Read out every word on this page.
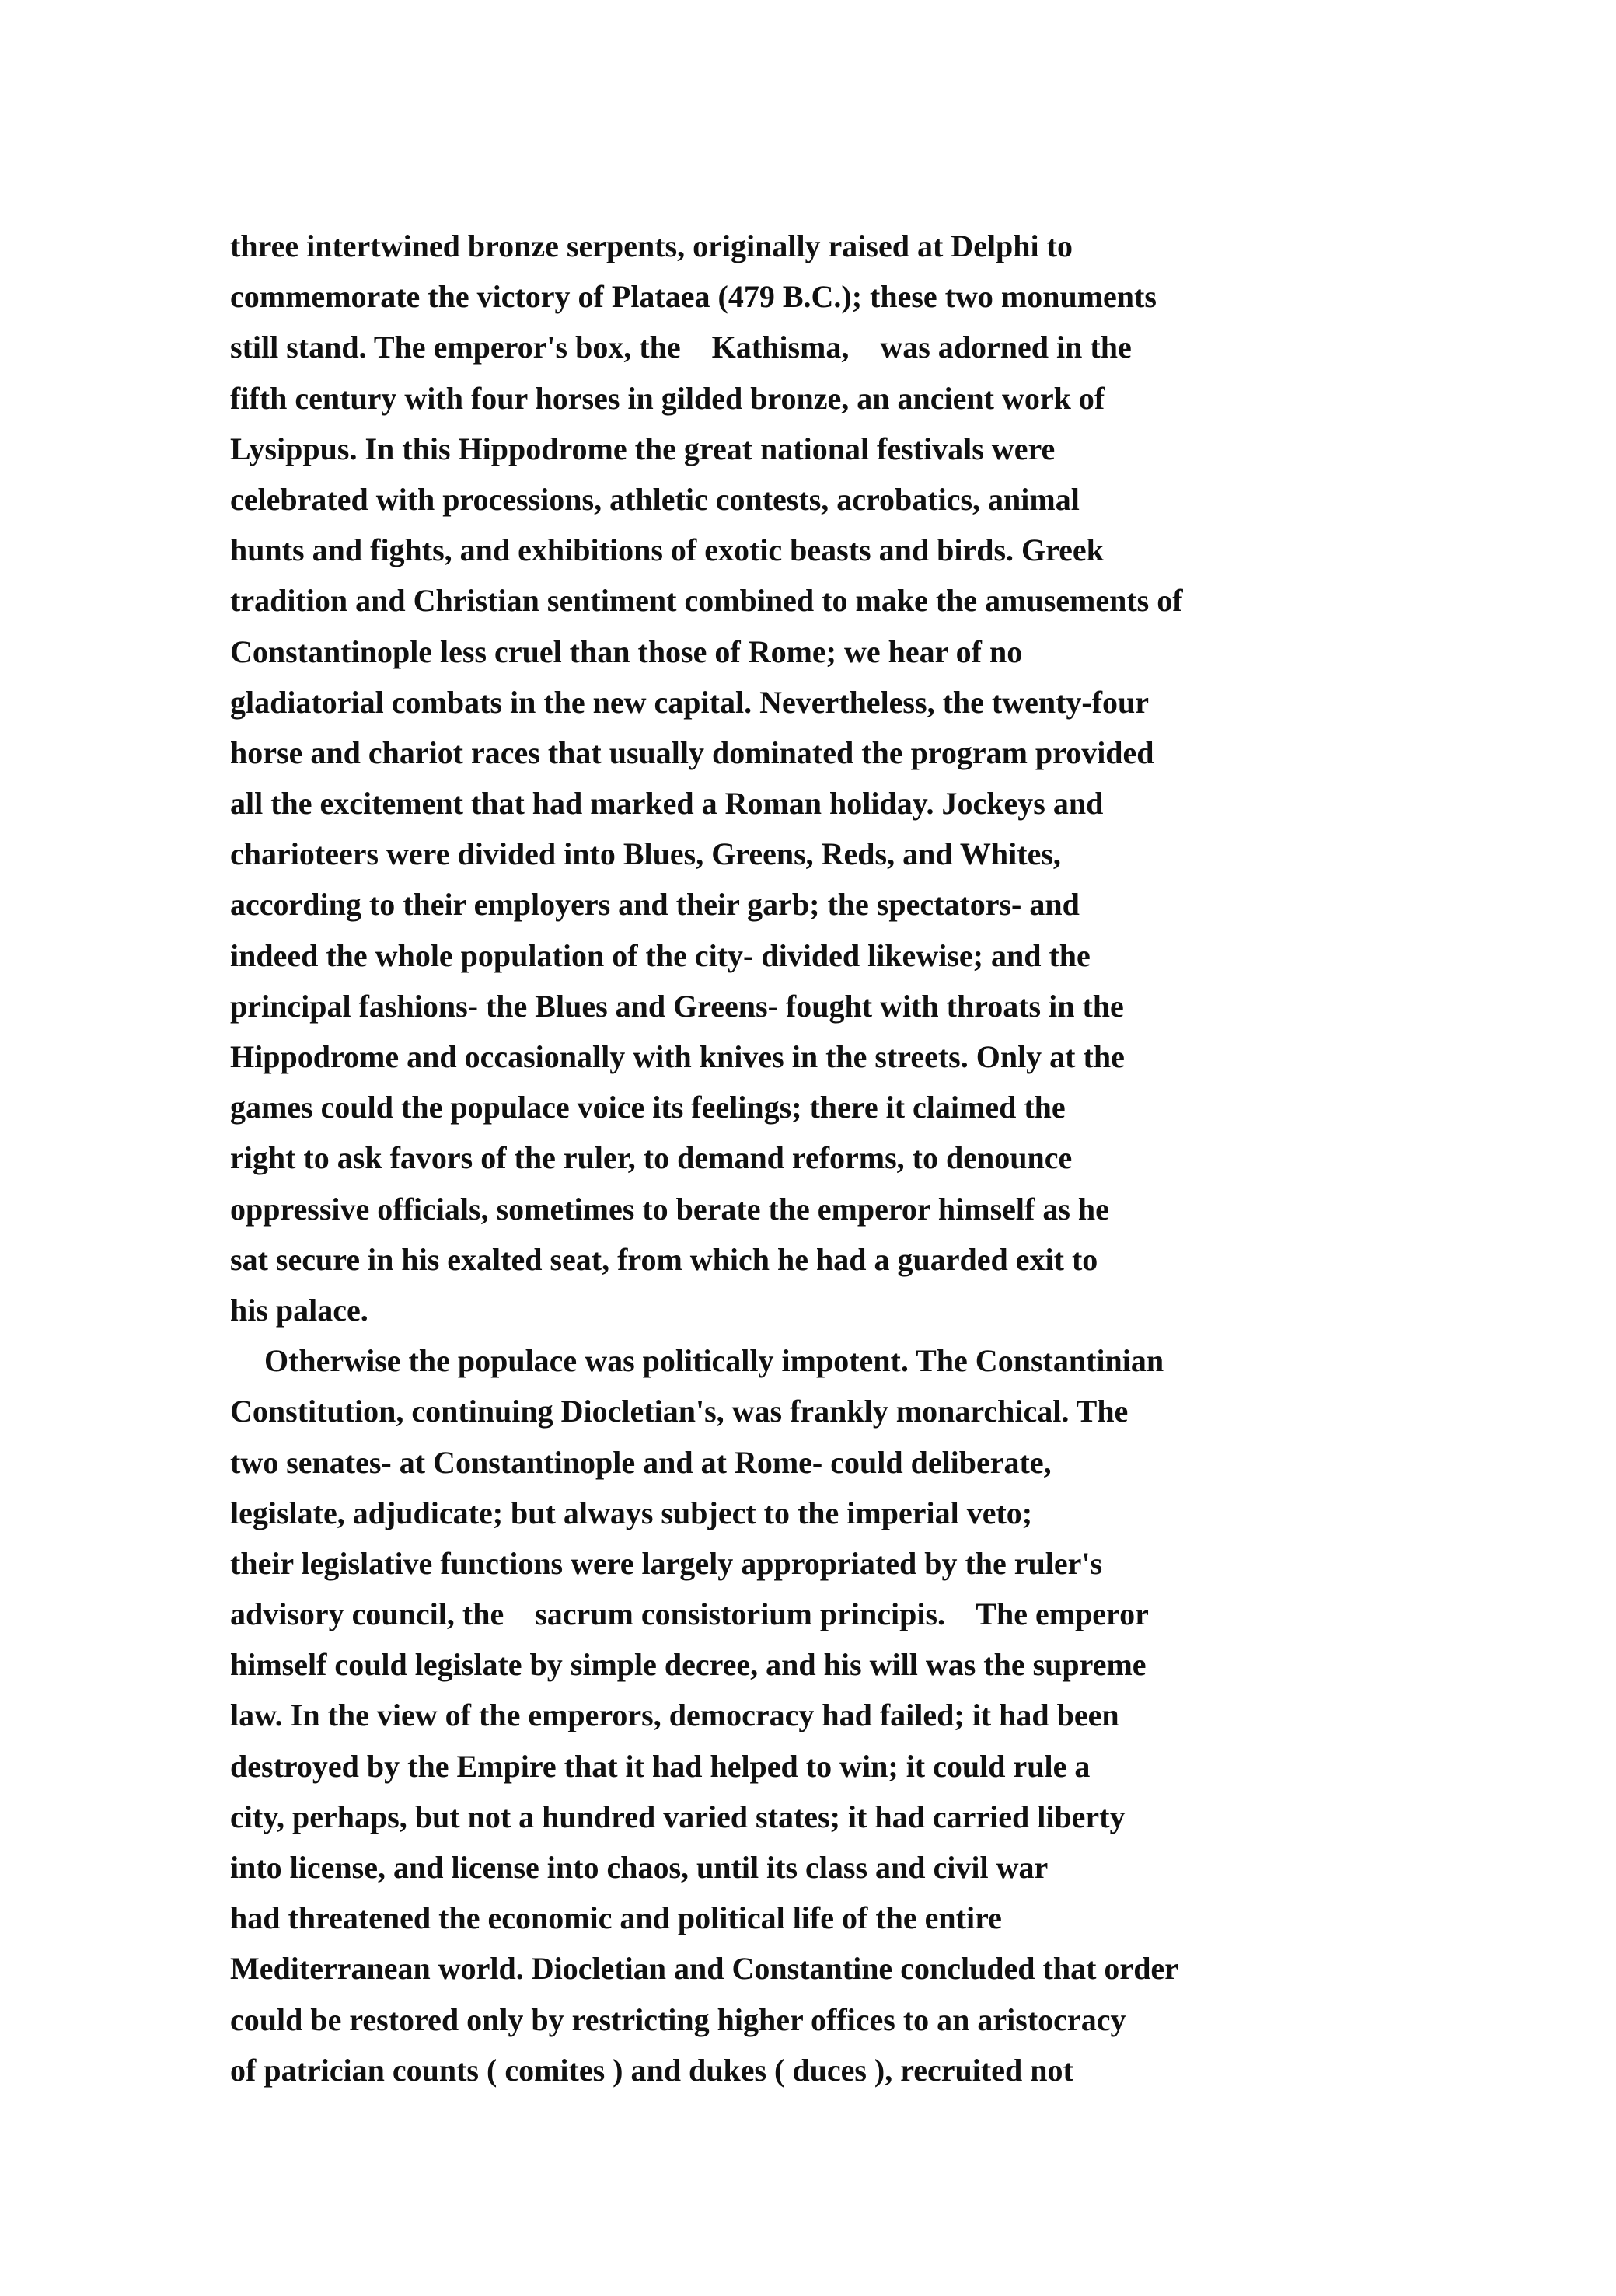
three intertwined bronze serpents, originally raised at Delphi to
commemorate the victory of Plataea (479 B.C.); these two monuments
still stand. The emperor's box, the    Kathisma,    was adorned in the
fifth century with four horses in gilded bronze, an ancient work of
Lysippus. In this Hippodrome the great national festivals were
celebrated with processions, athletic contests, acrobatics, animal
hunts and fights, and exhibitions of exotic beasts and birds. Greek
tradition and Christian sentiment combined to make the amusements of
Constantinople less cruel than those of Rome; we hear of no
gladiatorial combats in the new capital. Nevertheless, the twenty-four
horse and chariot races that usually dominated the program provided
all the excitement that had marked a Roman holiday. Jockeys and
charioteers were divided into Blues, Greens, Reds, and Whites,
according to their employers and their garb; the spectators- and
indeed the whole population of the city- divided likewise; and the
principal fashions- the Blues and Greens- fought with throats in the
Hippodrome and occasionally with knives in the streets. Only at the
games could the populace voice its feelings; there it claimed the
right to ask favors of the ruler, to demand reforms, to denounce
oppressive officials, sometimes to berate the emperor himself as he
sat secure in his exalted seat, from which he had a guarded exit to
his palace.
Otherwise the populace was politically impotent. The Constantinian
Constitution, continuing Diocletian's, was frankly monarchical. The
two senates- at Constantinople and at Rome- could deliberate,
legislate, adjudicate; but always subject to the imperial veto;
their legislative functions were largely appropriated by the ruler's
advisory council, the    sacrum consistorium principis.    The emperor
himself could legislate by simple decree, and his will was the supreme
law. In the view of the emperors, democracy had failed; it had been
destroyed by the Empire that it had helped to win; it could rule a
city, perhaps, but not a hundred varied states; it had carried liberty
into license, and license into chaos, until its class and civil war
had threatened the economic and political life of the entire
Mediterranean world. Diocletian and Constantine concluded that order
could be restored only by restricting higher offices to an aristocracy
of patrician counts ( comites ) and dukes ( duces ), recruited not
